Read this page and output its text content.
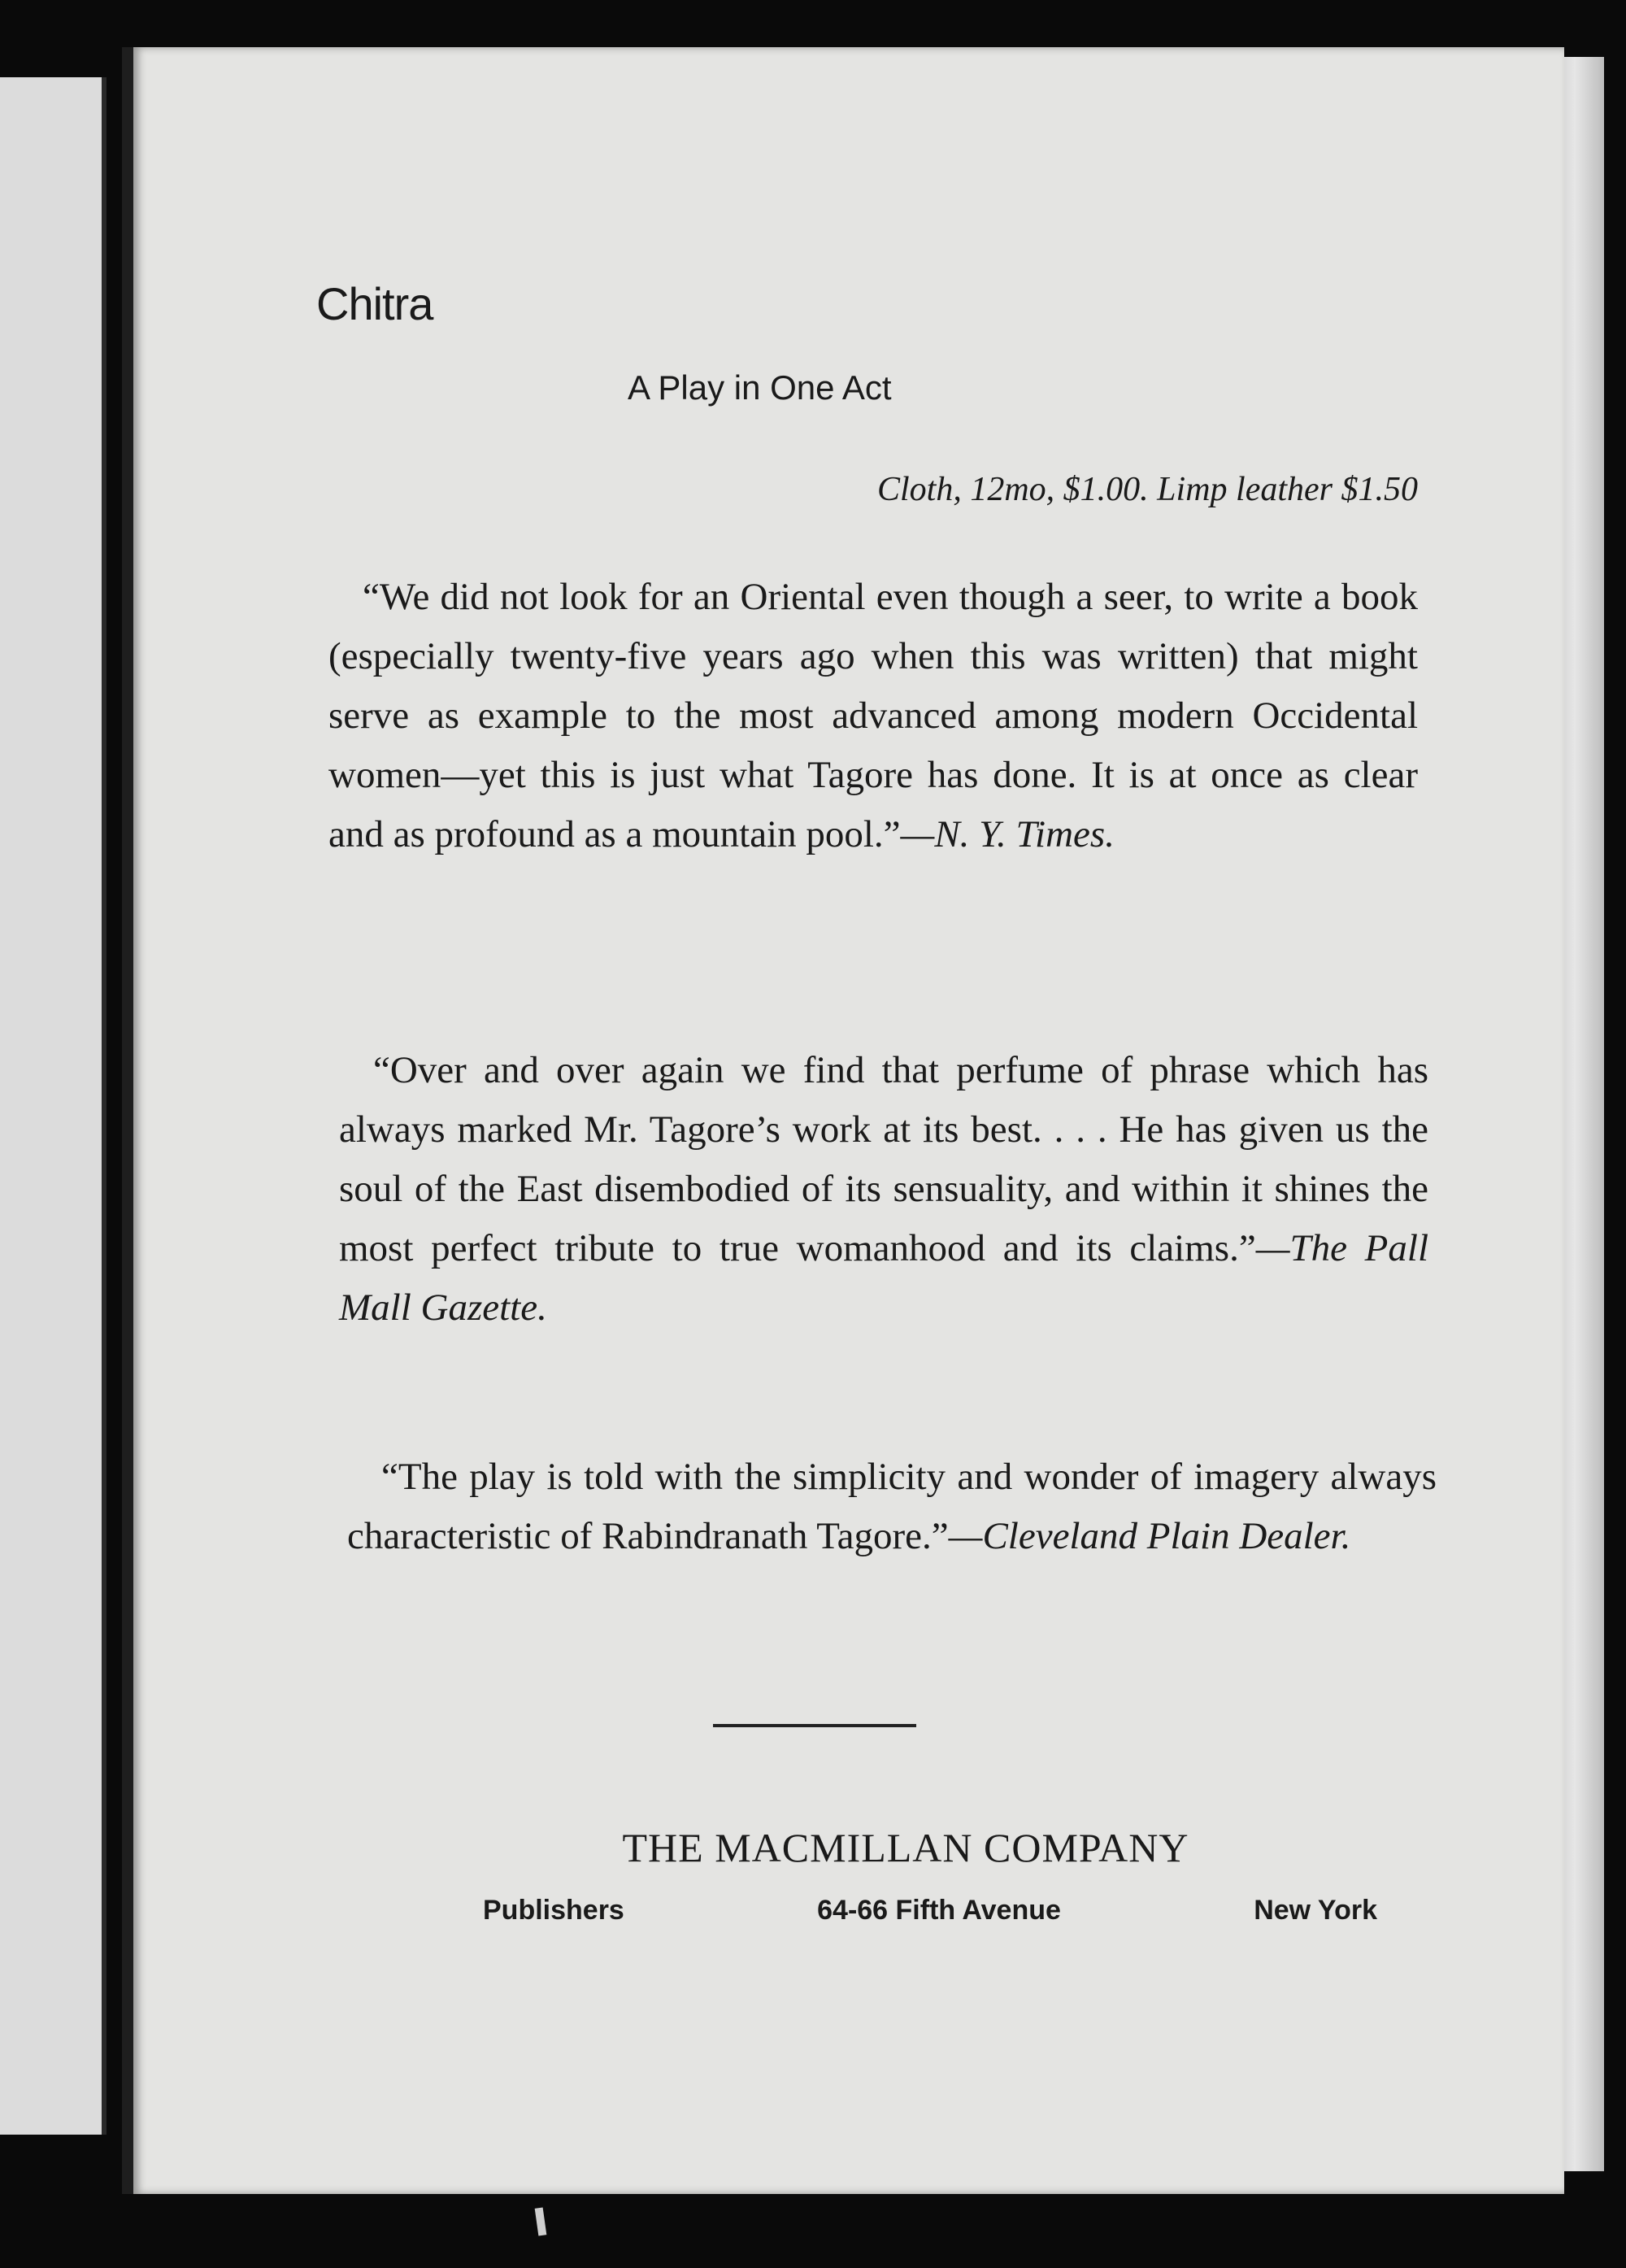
Chitra
A Play in One Act

Cloth, 12mo, $1.00. Limp leather $1.50

“We did not look for an Oriental even though a seer, to write a book (especially twenty-five years ago when this was written) that might serve as example to the most advanced among modern Occidental women—yet this is just what Tagore has done. It is at once as clear and as profound as a mountain pool.”—N. Y. Times.

“Over and over again we find that perfume of phrase which has always marked Mr. Tagore’s work at its best. . . . He has given us the soul of the East disembodied of its sensuality, and within it shines the most perfect tribute to true womanhood and its claims.”—The Pall Mall Gazette.

“The play is told with the simplicity and wonder of imagery always characteristic of Rabindranath Tagore.”—Cleveland Plain Dealer.

THE MACMILLAN COMPANY

Publishers	64-66 Fifth Avenue	New York
